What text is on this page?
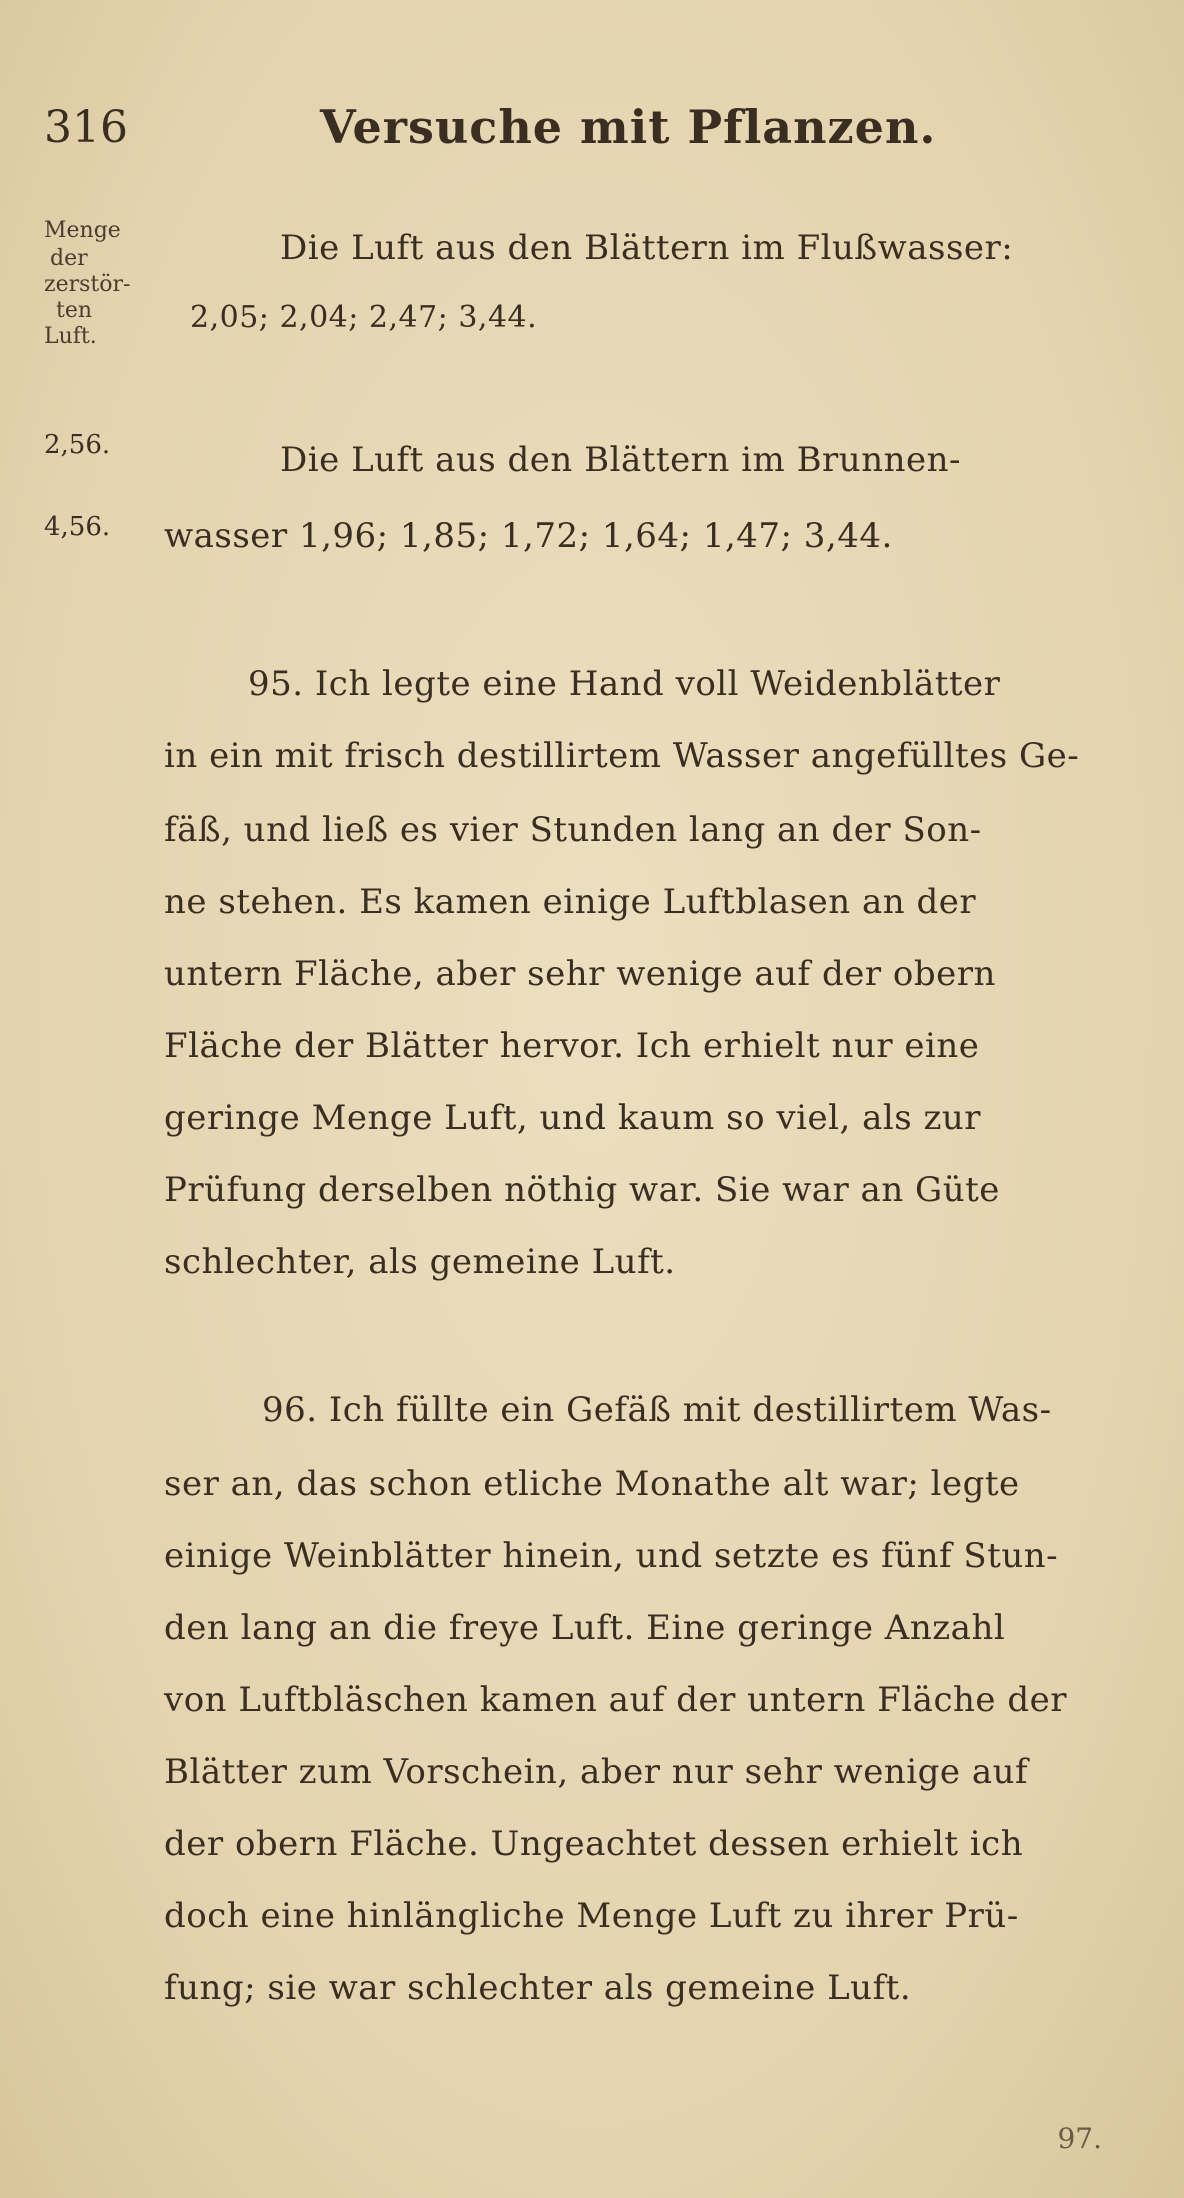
316	Versuche mit Pflanzen.
Menge
der
zerstör-
ten
Luft.
2,56.
4,56.
Die Luft aus den Blättern im Flußwasser:
2,05; 2,04; 2,47; 3,44.
Die Luft aus den Blättern im Brunnen-
wasser 1,96; 1,85; 1,72; 1,64; 1,47; 3,44.
95. Ich legte eine Hand voll Weidenblätter
in ein mit frisch destillirtem Wasser angefülltes Ge-
fäß, und ließ es vier Stunden lang an der Son-
ne stehen. Es kamen einige Luftblasen an der
untern Fläche, aber sehr wenige auf der obern
Fläche der Blätter hervor. Ich erhielt nur eine
geringe Menge Luft, und kaum so viel, als zur
Prüfung derselben nöthig war. Sie war an Güte
schlechter, als gemeine Luft.
96. Ich füllte ein Gefäß mit destillirtem Was-
ser an, das schon etliche Monathe alt war; legte
einige Weinblätter hinein, und setzte es fünf Stun-
den lang an die freye Luft. Eine geringe Anzahl
von Luftbläschen kamen auf der untern Fläche der
Blätter zum Vorschein, aber nur sehr wenige auf
der obern Fläche. Ungeachtet dessen erhielt ich
doch eine hinlängliche Menge Luft zu ihrer Prü-
fung; sie war schlechter als gemeine Luft.
97.
